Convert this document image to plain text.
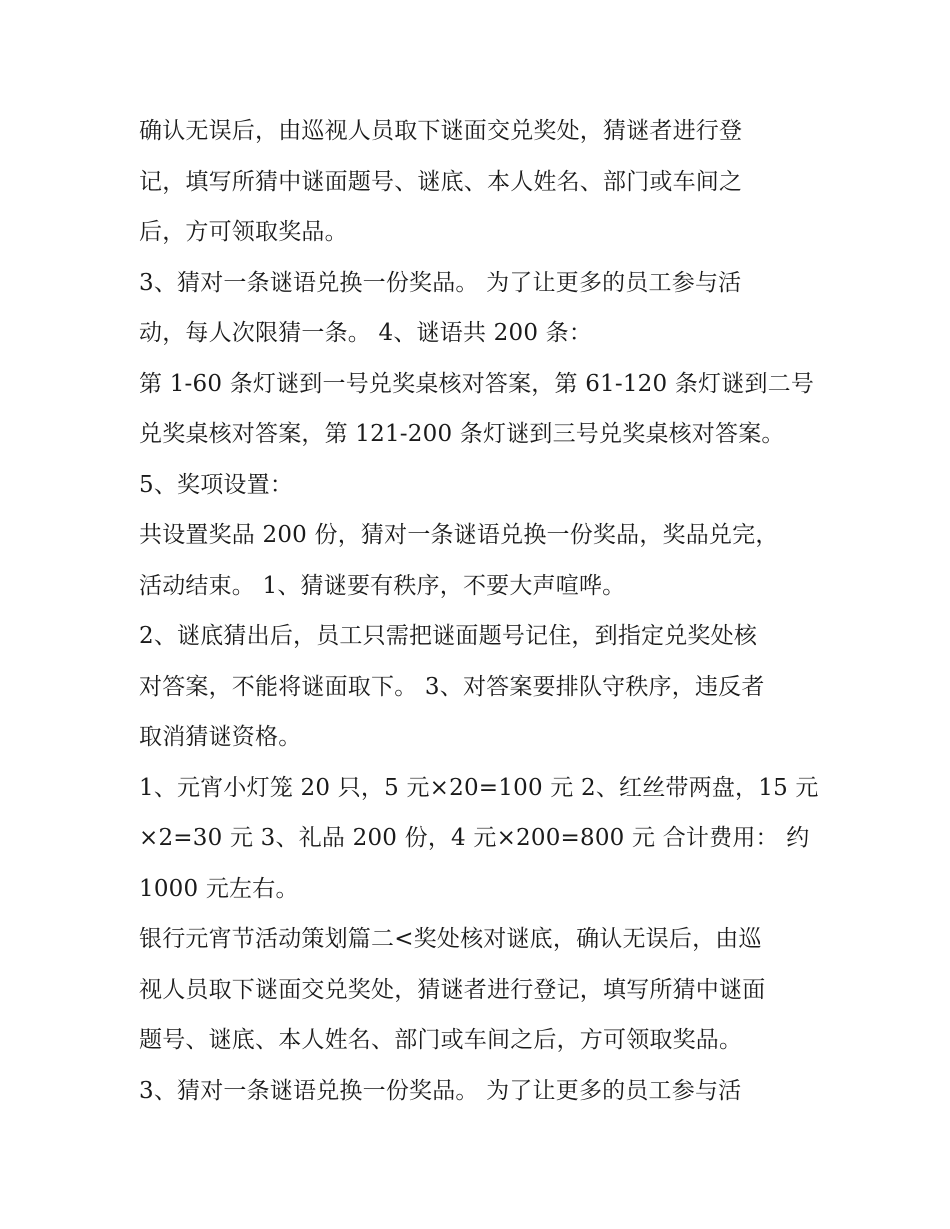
确认无误后，由巡视人员取下谜面交兑奖处，猜谜者进行登
记，填写所猜中谜面题号、谜底、本人姓名、部门或车间之
后，方可领取奖品。
3、猜对一条谜语兑换一份奖品。 为了让更多的员工参与活
动，每人次限猜一条。 4、谜语共 200 条：
第 1-60 条灯谜到一号兑奖桌核对答案，第 61-120 条灯谜到二号
兑奖桌核对答案，第 121-200 条灯谜到三号兑奖桌核对答案。
5、奖项设置：
共设置奖品 200 份，猜对一条谜语兑换一份奖品，奖品兑完，
活动结束。 1、猜谜要有秩序，不要大声喧哗。
2、谜底猜出后，员工只需把谜面题号记住，到指定兑奖处核
对答案，不能将谜面取下。 3、对答案要排队守秩序，违反者
取消猜谜资格。
1、元宵小灯笼 20 只，5 元×20=100 元 2、红丝带两盘，15 元
×2=30 元 3、礼品 200 份，4 元×200=800 元 合计费用： 约
1000 元左右。
银行元宵节活动策划篇二<奖处核对谜底，确认无误后，由巡
视人员取下谜面交兑奖处，猜谜者进行登记，填写所猜中谜面
题号、谜底、本人姓名、部门或车间之后，方可领取奖品。
3、猜对一条谜语兑换一份奖品。 为了让更多的员工参与活
